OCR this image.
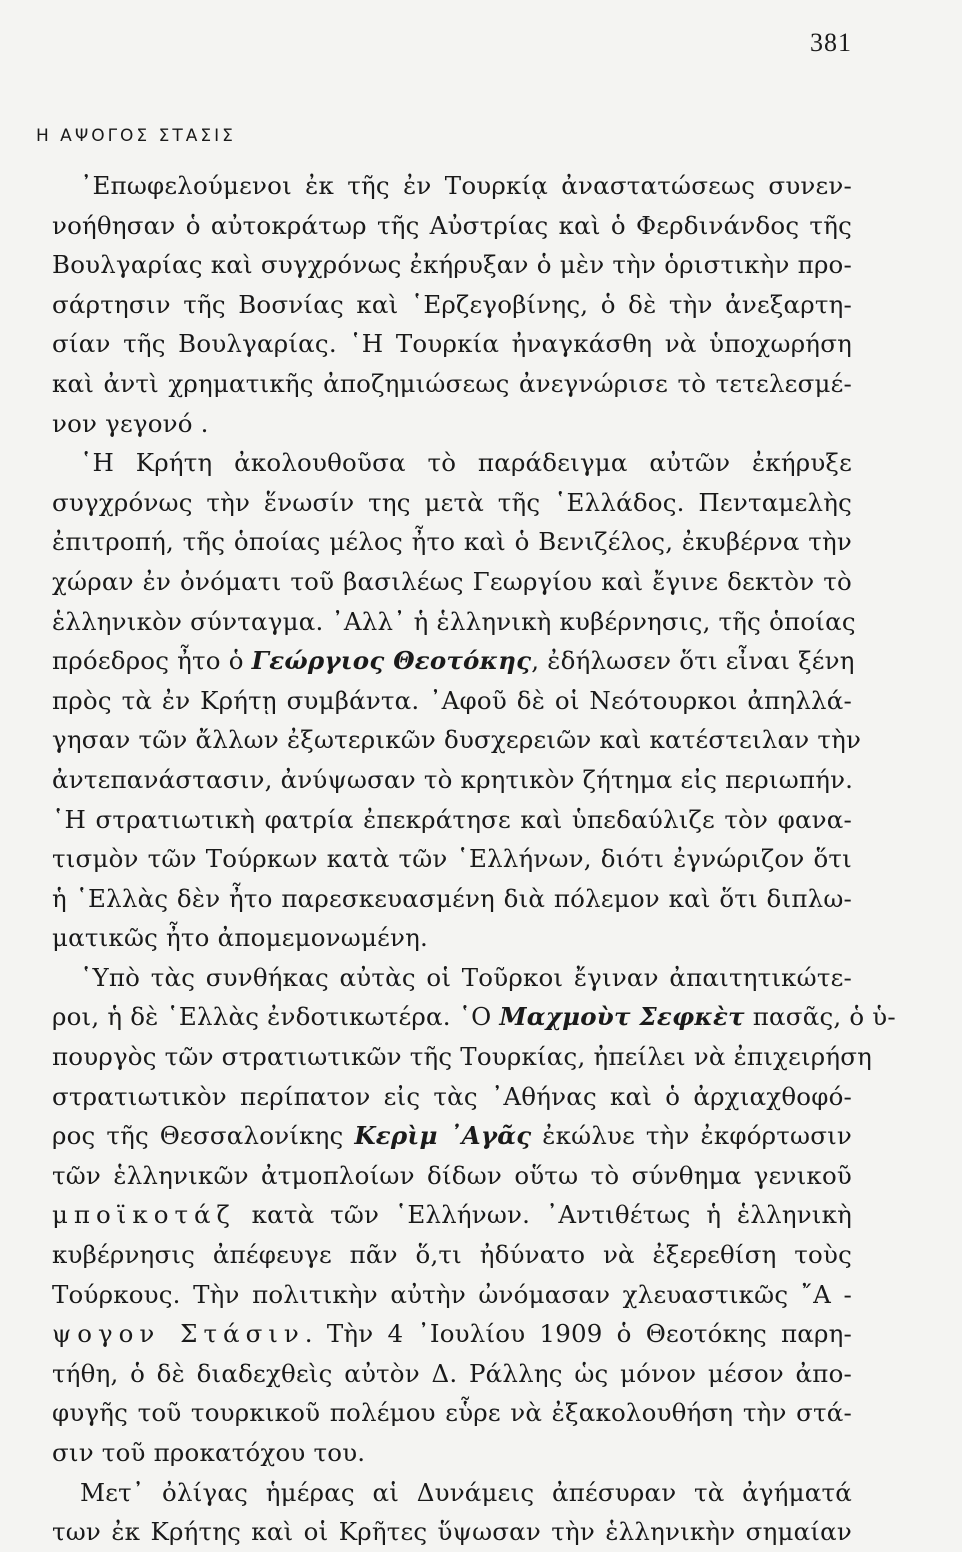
381
Η ΑΨΟΓΟΣ ΣΤΑΣΙΣ
᾿Επωφελούμενοι ἐκ τῆς ἐν Τουρκίᾳ ἀναστατώσεως συνεν-
νοήθησαν ὁ αὐτοκράτωρ τῆς Αὐστρίας καὶ ὁ Φερδινάνδος τῆς
Βουλγαρίας καὶ συγχρόνως ἐκήρυξαν ὁ μὲν τὴν ὁριστικὴν προ-
σάρτησιν τῆς Βοσνίας καὶ ῾Ερζεγοβίνης, ὁ δὲ τὴν ἀνεξαρτη-
σίαν τῆς Βουλγαρίας. ῾Η Τουρκία ἠναγκάσθη νὰ ὑποχωρήση
καὶ ἀντὶ χρηματικῆς ἀποζημιώσεως ἀνεγνώρισε τὸ τετελεσμέ-
νον γεγονό .
῾Η Κρήτη ἀκολουθοῦσα τὸ παράδειγμα αὐτῶν ἐκήρυξε
συγχρόνως τὴν ἕνωσίν της μετὰ τῆς ῾Ελλάδος. Πενταμελὴς
ἐπιτροπή, τῆς ὁποίας μέλος ἦτο καὶ ὁ Βενιζέλος, ἐκυβέρνα τὴν
χώραν ἐν ὀνόματι τοῦ βασιλέως Γεωργίου καὶ ἔγινε δεκτὸν τὸ
ἑλληνικὸν σύνταγμα. ᾿Αλλ᾿ ἡ ἑλληνικὴ κυβέρνησις, τῆς ὁποίας
πρόεδρος ἦτο ὁ Γεώργιος Θεοτόκης, ἐδήλωσεν ὅτι εἶναι ξένη
πρὸς τὰ ἐν Κρήτῃ συμβάντα. ᾿Αφοῦ δὲ οἱ Νεότουρκοι ἀπηλλά-
γησαν τῶν ἄλλων ἐξωτερικῶν δυσχερειῶν καὶ κατέστειλαν τὴν
ἀντεπανάστασιν, ἀνύψωσαν τὸ κρητικὸν ζήτημα εἰς περιωπήν.
῾Η στρατιωτικὴ φατρία ἐπεκράτησε καὶ ὑπεδαύλιζε τὸν φανα-
τισμὸν τῶν Τούρκων κατὰ τῶν ῾Ελλήνων, διότι ἐγνώριζον ὅτι
ἡ ῾Ελλὰς δὲν ἦτο παρεσκευασμένη διὰ πόλεμον καὶ ὅτι διπλω-
ματικῶς ἦτο ἀπομεμονωμένη.
῾Υπὸ τὰς συνθήκας αὐτὰς οἱ Τοῦρκοι ἔγιναν ἀπαιτητικώτε-
ροι, ἡ δὲ ῾Ελλὰς ἐνδοτικωτέρα. ῾Ο Μαχμοὺτ Σεφκὲτ πασᾶς, ὁ ὑ-
πουργὸς τῶν στρατιωτικῶν τῆς Τουρκίας, ἠπείλει νὰ ἐπιχειρήση
στρατιωτικὸν περίπατον εἰς τὰς ᾿Αθήνας καὶ ὁ ἀρχιαχθοφό-
ρος τῆς Θεσσαλονίκης Κερὶμ ᾿Αγᾶς ἐκώλυε τὴν ἐκφόρτωσιν
τῶν ἑλληνικῶν ἀτμοπλοίων δίδων οὕτω τὸ σύνθημα γενικοῦ
μποϊκοτάζ κατὰ τῶν ῾Ελλήνων. ᾿Αντιθέτως ἡ ἑλληνικὴ
κυβέρνησις ἀπέφευγε πᾶν ὅ,τι ἠδύνατο νὰ ἐξερεθίση τοὺς
Τούρκους. Τὴν πολιτικὴν αὐτὴν ὠνόμασαν χλευαστικῶς ῎Α -
ψογον Στάσιν. Τὴν 4 ᾿Ιουλίου 1909 ὁ Θεοτόκης παρη-
τήθη, ὁ δὲ διαδεχθεὶς αὐτὸν Δ. Ράλλης ὡς μόνον μέσον ἀπο-
φυγῆς τοῦ τουρκικοῦ πολέμου εὗρε νὰ ἐξακολουθήση τὴν στά-
σιν τοῦ προκατόχου του.
Μετ᾿ ὀλίγας ἡμέρας αἱ Δυνάμεις ἀπέσυραν τὰ ἀγήματά
των ἐκ Κρήτης καὶ οἱ Κρῆτες ὕψωσαν τὴν ἑλληνικὴν σημαίαν
